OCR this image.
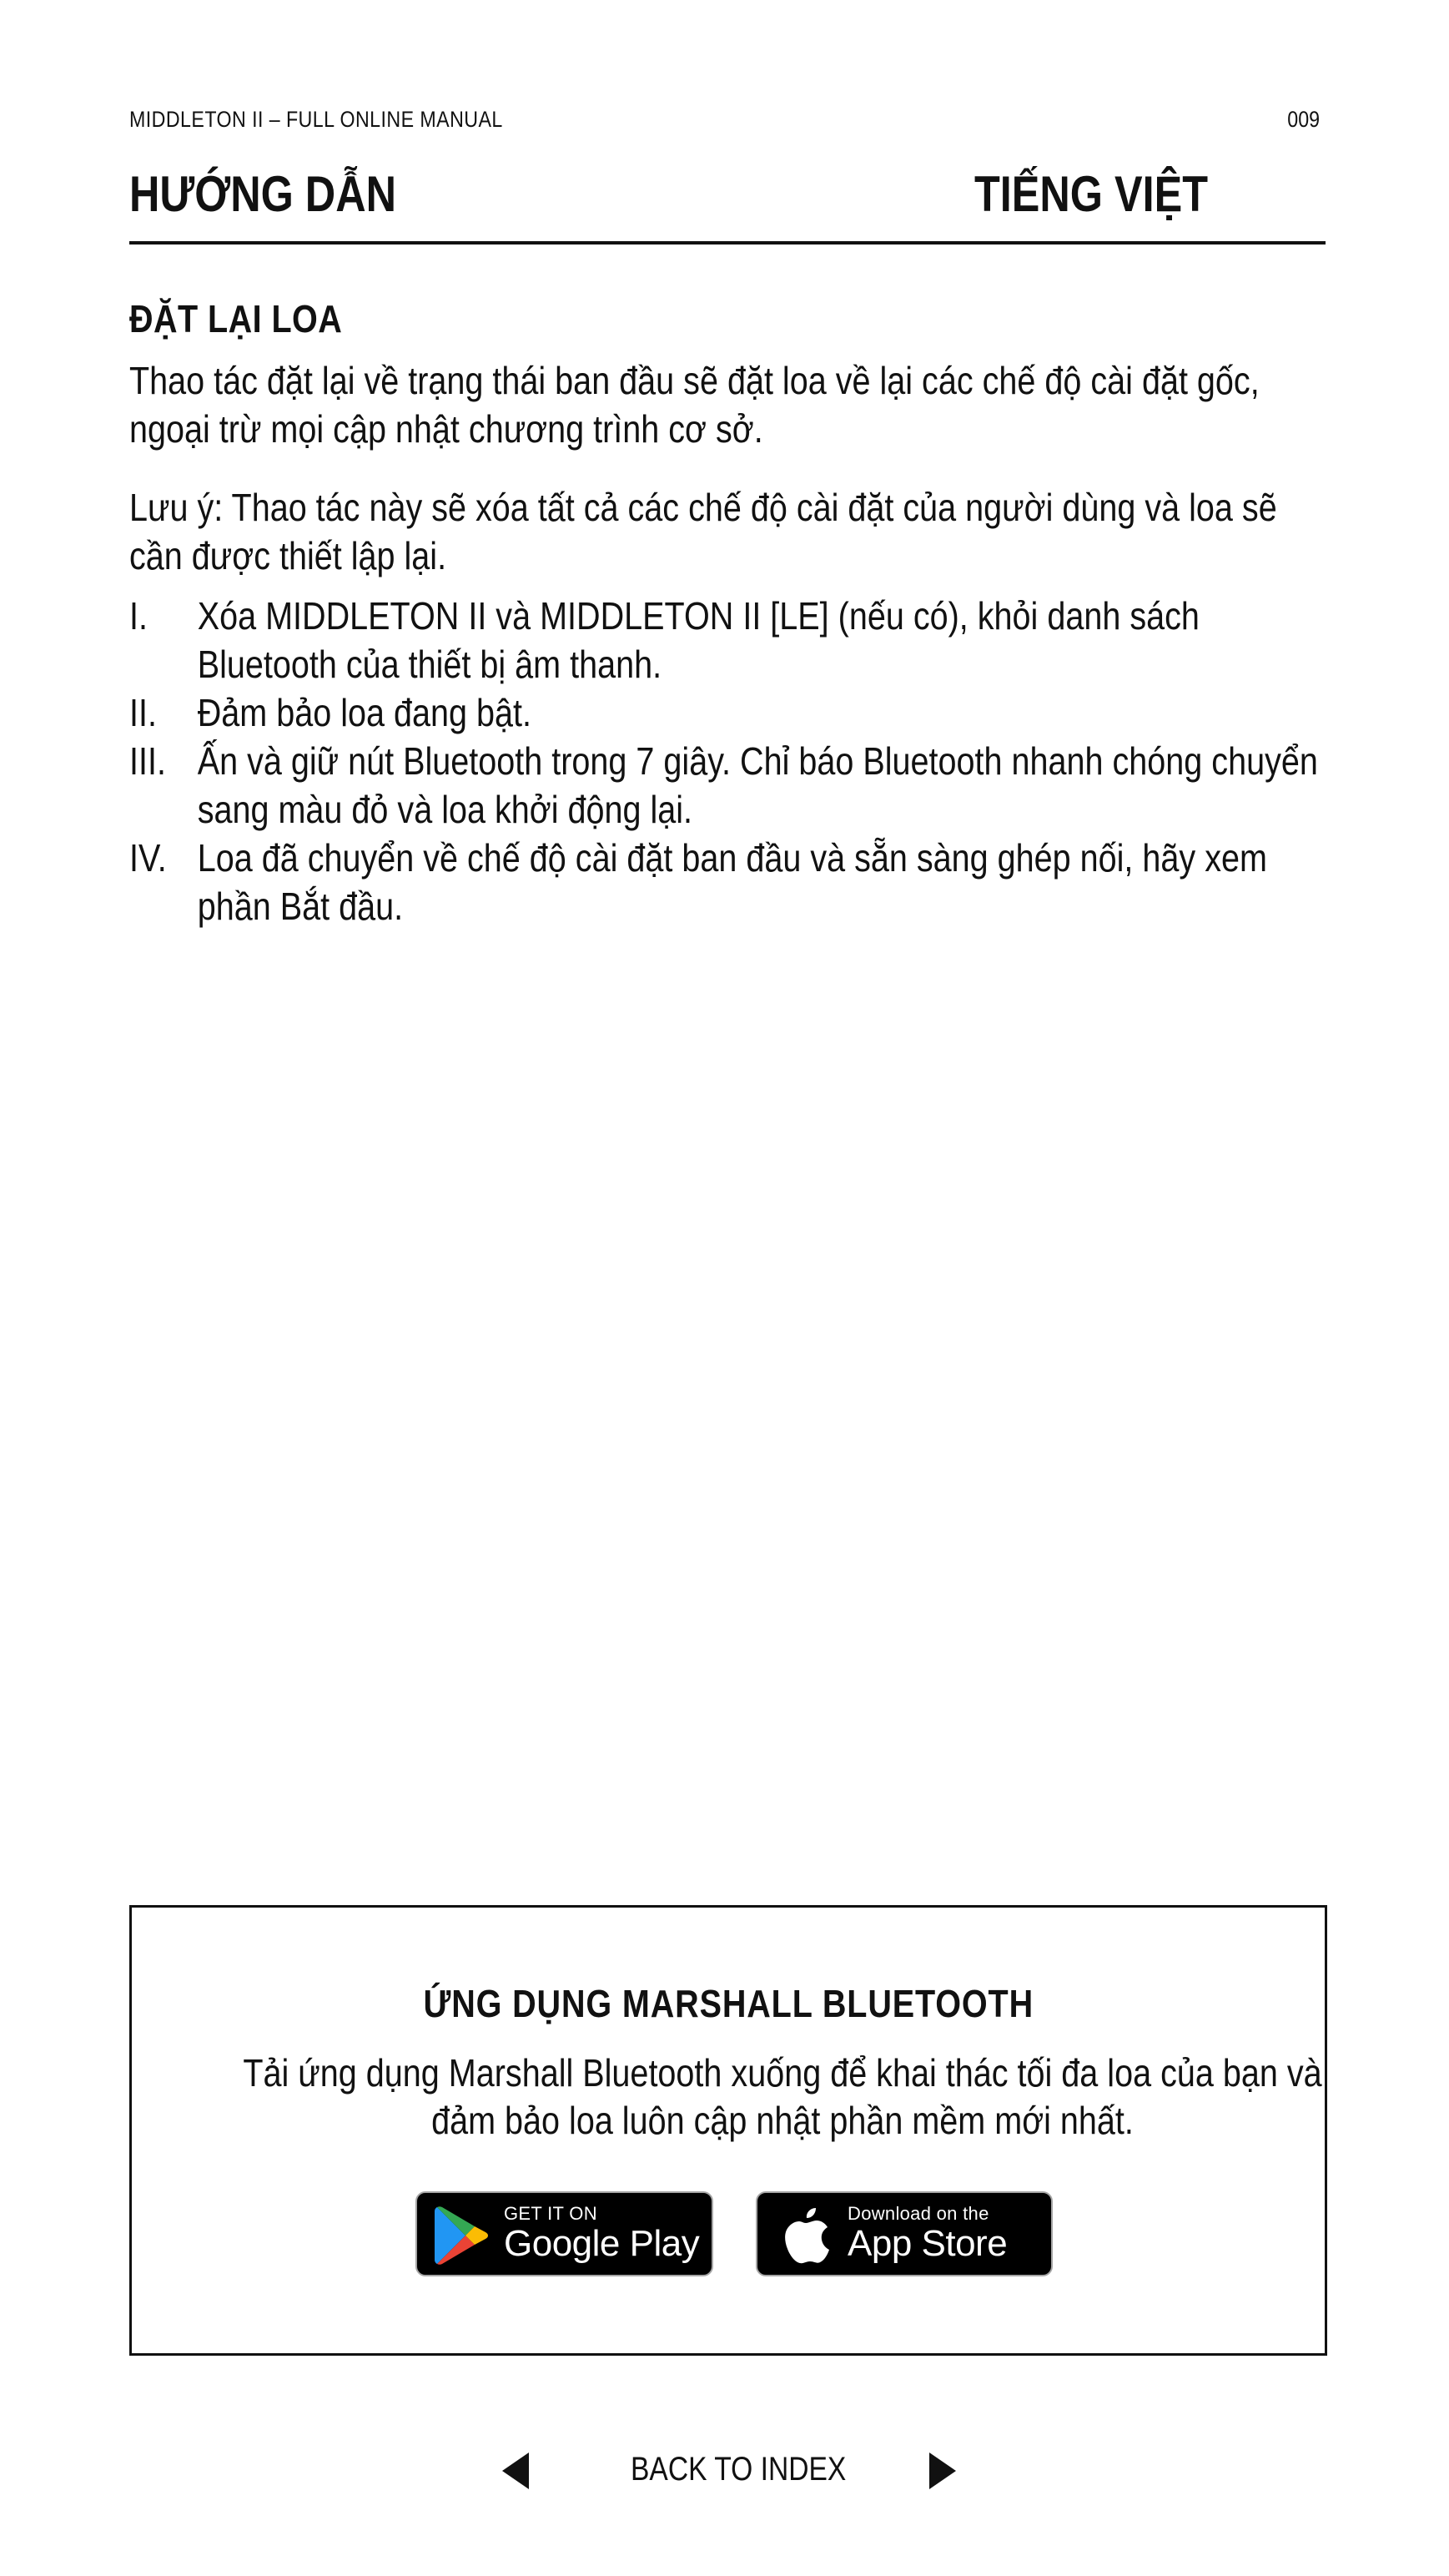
MIDDLETON II – FULL ONLINE MANUAL	009
HƯỚNG DẪN	TIẾNG VIỆT
ĐẶT LẠI LOA

Thao tác đặt lại về trạng thái ban đầu sẽ đặt loa về lại các chế độ cài đặt gốc, ngoại trừ mọi cập nhật chương trình cơ sở.

Lưu ý: Thao tác này sẽ xóa tất cả các chế độ cài đặt của người dùng và loa sẽ cần được thiết lập lại.

I.	Xóa MIDDLETON II và MIDDLETON II [LE] (nếu có), khỏi danh sách Bluetooth của thiết bị âm thanh.
II.	Đảm bảo loa đang bật.
III. Ấn và giữ nút Bluetooth trong 7 giây. Chỉ báo Bluetooth nhanh chóng chuyển sang màu đỏ và loa khởi động lại.
IV. Loa đã chuyển về chế độ cài đặt ban đầu và sẵn sàng ghép nối, hãy xem phần Bắt đầu.
ỨNG DỤNG MARSHALL BLUETOOTH
Tải ứng dụng Marshall Bluetooth xuống để khai thác tối đa loa của bạn và đảm bảo loa luôn cập nhật phần mềm mới nhất.
GET IT ON
Google Play
Download on the
App Store
BACK TO INDEX
